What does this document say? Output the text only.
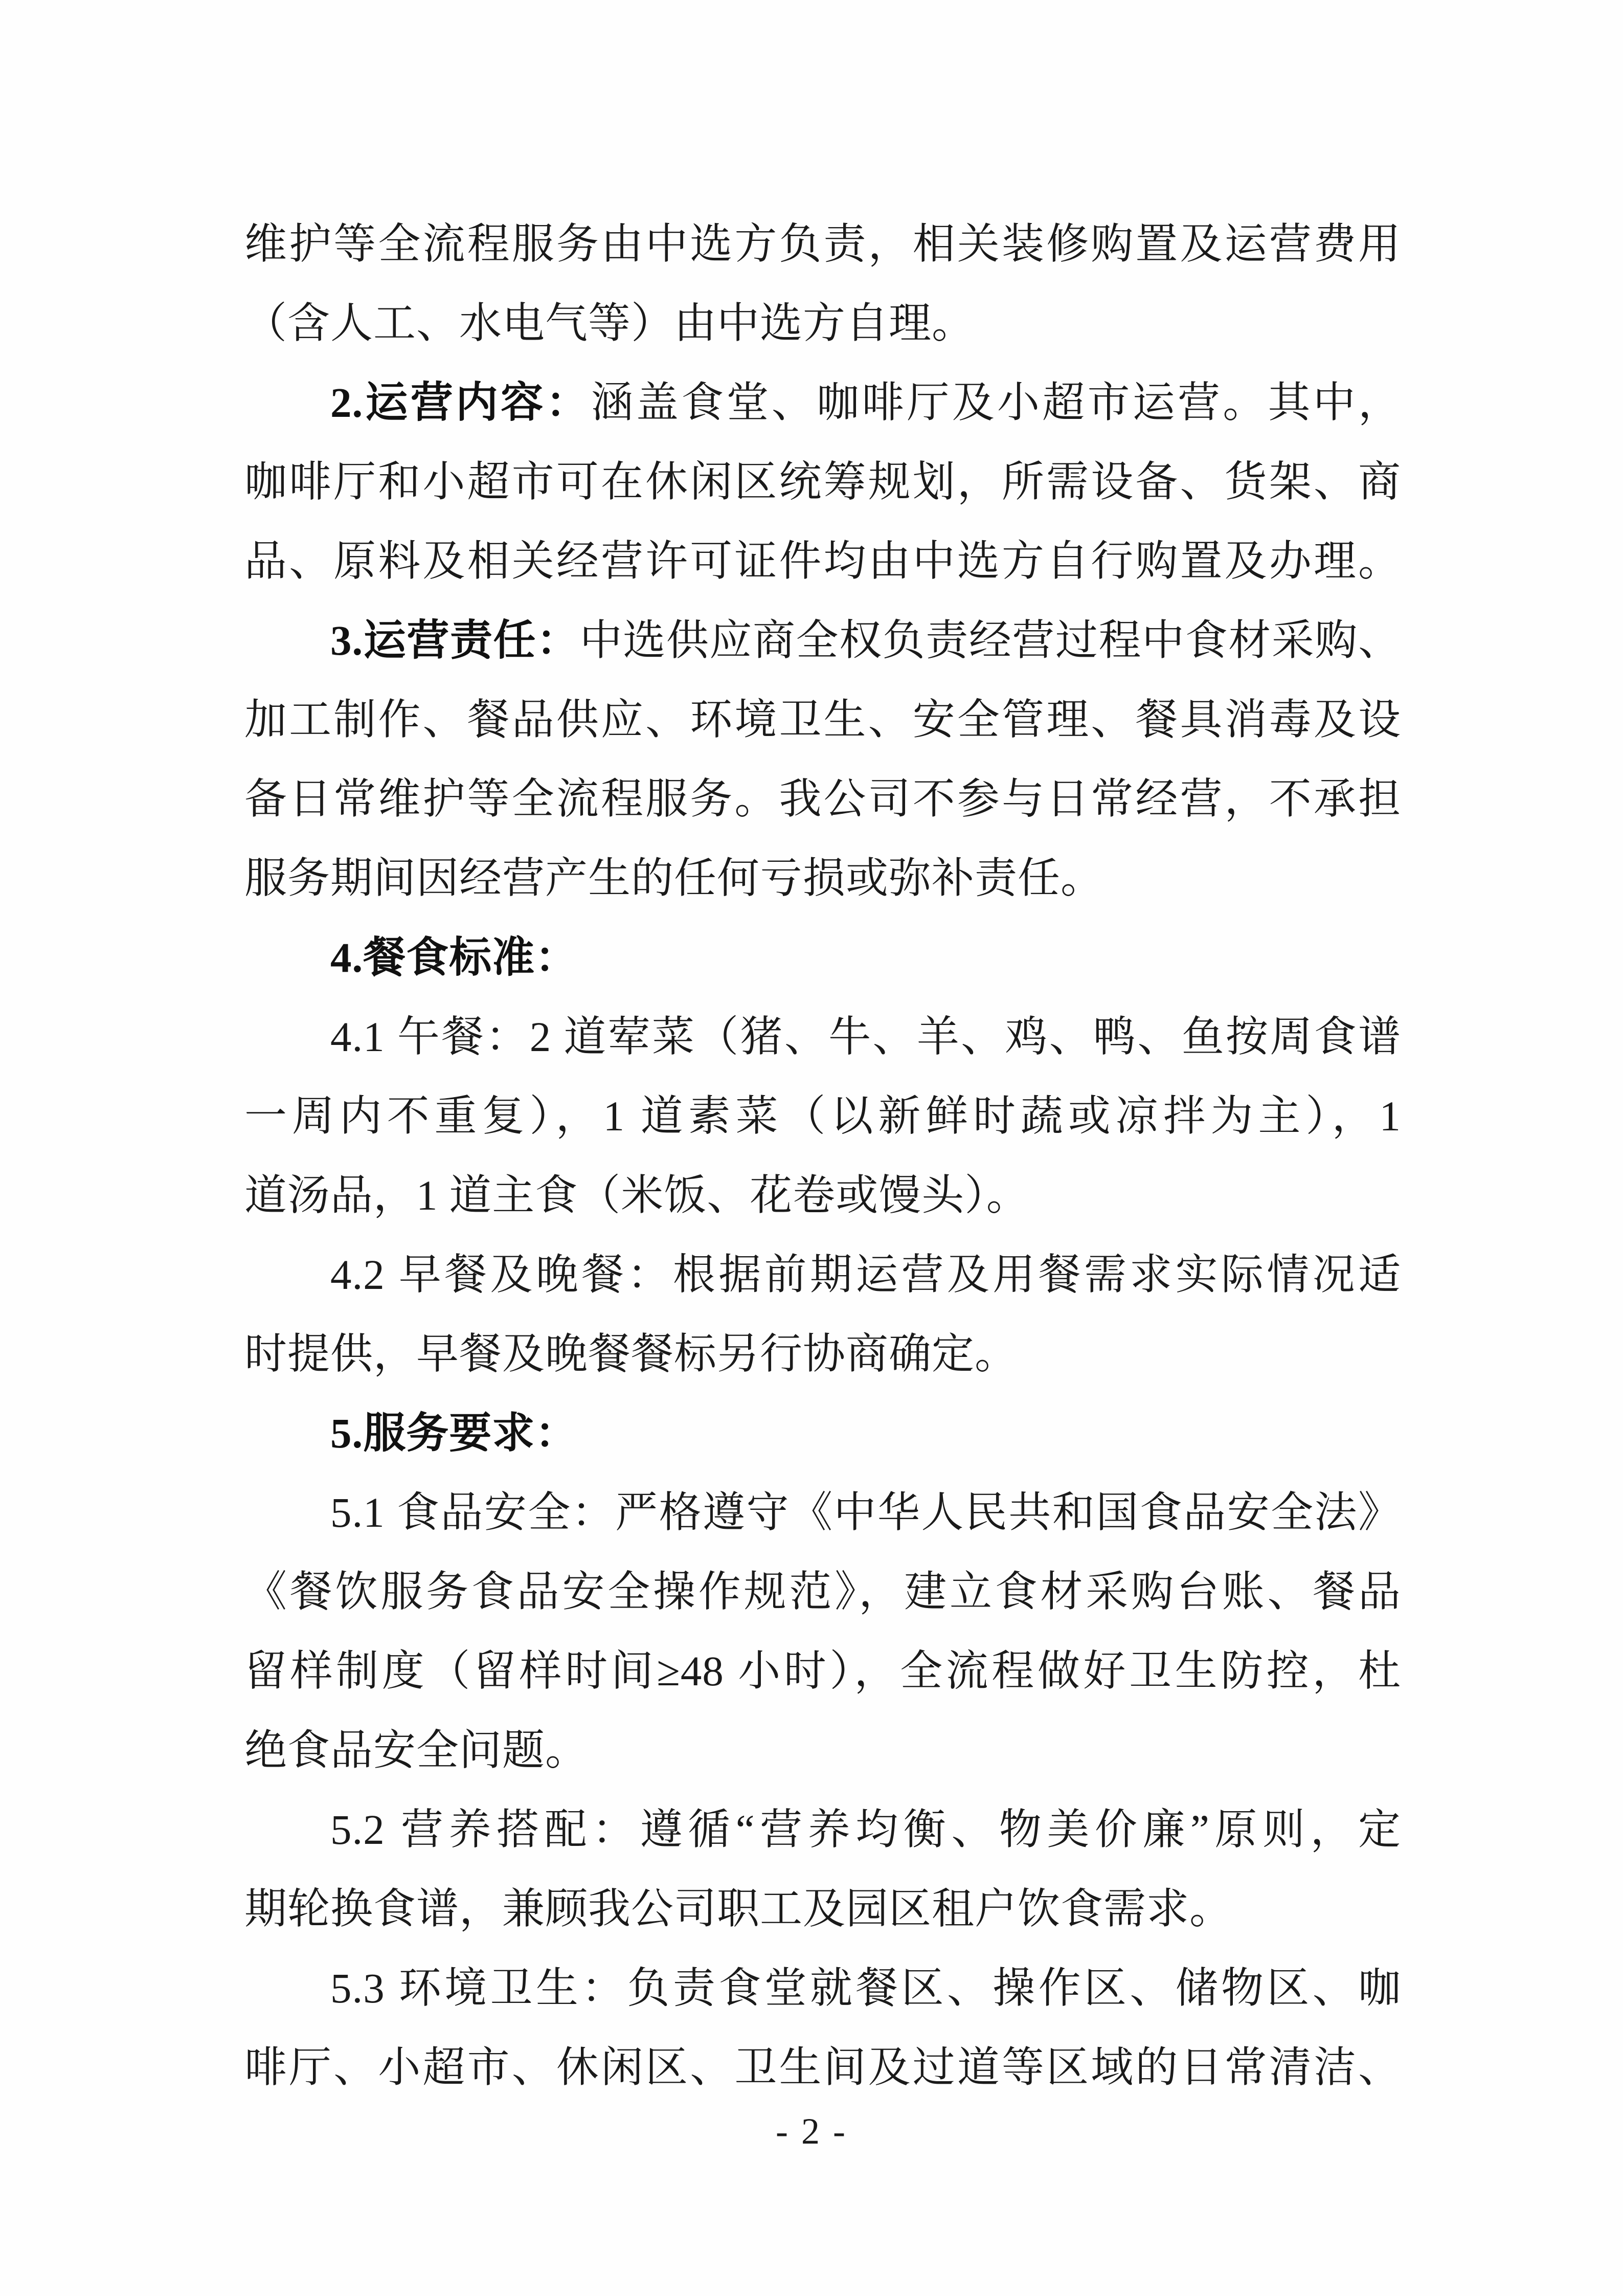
维护等全流程服务由中选方负责，相关装修购置及运营费用
（含人工、水电气等）由中选方自理。
2.运营内容：涵盖食堂、咖啡厅及小超市运营。其中，
咖啡厅和小超市可在休闲区统筹规划，所需设备、货架、商
品、原料及相关经营许可证件均由中选方自行购置及办理。
3.运营责任：中选供应商全权负责经营过程中食材采购、
加工制作、餐品供应、环境卫生、安全管理、餐具消毒及设
备日常维护等全流程服务。我公司不参与日常经营，不承担
服务期间因经营产生的任何亏损或弥补责任。
4.餐食标准：
4.1 午餐：2 道荤菜（猪、牛、羊、鸡、鸭、鱼按周食谱
一周内不重复），1 道素菜（以新鲜时蔬或凉拌为主），1
道汤品，1 道主食（米饭、花卷或馒头）。
4.2 早餐及晚餐：根据前期运营及用餐需求实际情况适
时提供，早餐及晚餐餐标另行协商确定。
5.服务要求：
5.1 食品安全：严格遵守《中华人民共和国食品安全法》
《餐饮服务食品安全操作规范》，建立食材采购台账、餐品
留样制度（留样时间≥48 小时），全流程做好卫生防控，杜
绝食品安全问题。
5.2 营养搭配：遵循“营养均衡、物美价廉”原则，定
期轮换食谱，兼顾我公司职工及园区租户饮食需求。
5.3 环境卫生：负责食堂就餐区、操作区、储物区、咖
啡厅、小超市、休闲区、卫生间及过道等区域的日常清洁、
- 2 -
